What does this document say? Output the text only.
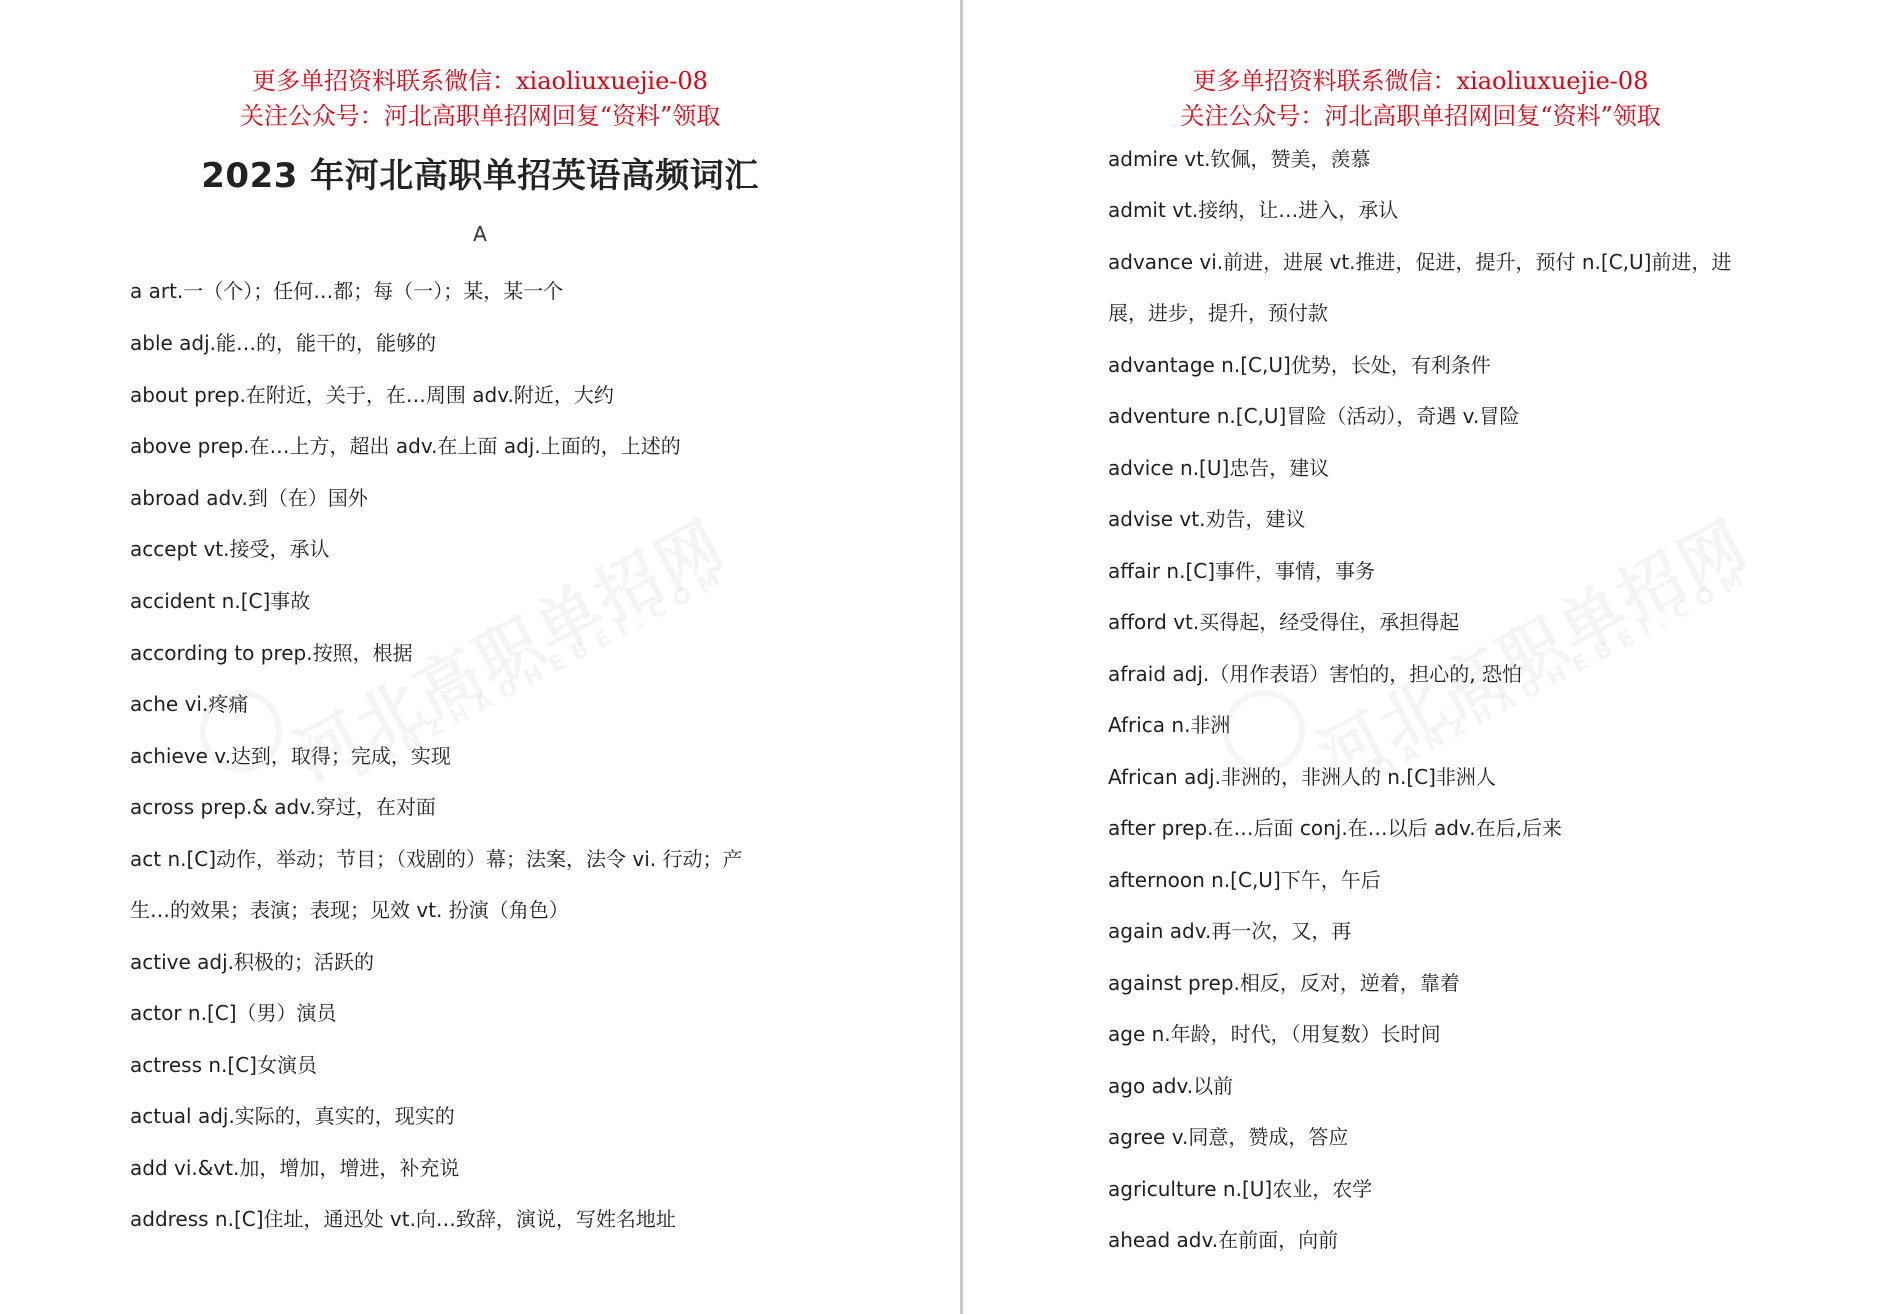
更多单招资料联系微信：xiaoliuxuejie-08
关注公众号：河北高职单招网回复“资料”领取
2023 年河北高职单招英语高频词汇
A
a art.一（个）；任何…都；每（一）；某，某一个
able adj.能…的，能干的，能够的
about prep.在附近，关于，在…周围 adv.附近，大约
above prep.在…上方，超出 adv.在上面 adj.上面的，上述的
abroad adv.到（在）国外
accept vt.接受，承认
accident n.[C]事故
according to prep.按照，根据
ache vi.疼痛
achieve v.达到，取得；完成，实现
across prep.& adv.穿过，在对面
act n.[C]动作，举动；节目；（戏剧的）幕；法案，法令 vi. 行动；产
生…的效果；表演；表现；见效 vt. 扮演（角色）
active adj.积极的；活跃的
actor n.[C]（男）演员
actress n.[C]女演员
actual adj.实际的，真实的，现实的
add vi.&vt.加，增加，增进，补充说
address n.[C]住址，通迅处 vt.向…致辞，演说，写姓名地址
更多单招资料联系微信：xiaoliuxuejie-08
关注公众号：河北高职单招网回复“资料”领取
admire vt.钦佩，赞美，羡慕
admit vt.接纳，让…进入，承认
advance vi.前进，进展 vt.推进，促进，提升，预付 n.[C,U]前进，进
展，进步，提升，预付款
advantage n.[C,U]优势，长处，有利条件
adventure n.[C,U]冒险（活动），奇遇 v.冒险
advice n.[U]忠告，建议
advise vt.劝告，建议
affair n.[C]事件，事情，事务
afford vt.买得起，经受得住，承担得起
afraid adj.（用作表语）害怕的，担心的, 恐怕
Africa n.非洲
African adj.非洲的，非洲人的 n.[C]非洲人
after prep.在…后面 conj.在…以后 adv.在后,后来
afternoon n.[C,U]下午，午后
again adv.再一次，又，再
against prep.相反，反对，逆着，靠着
age n.年龄，时代，（用复数）长时间
ago adv.以前
agree v.同意，赞成，答应
agriculture n.[U]农业，农学
ahead adv.在前面，向前
